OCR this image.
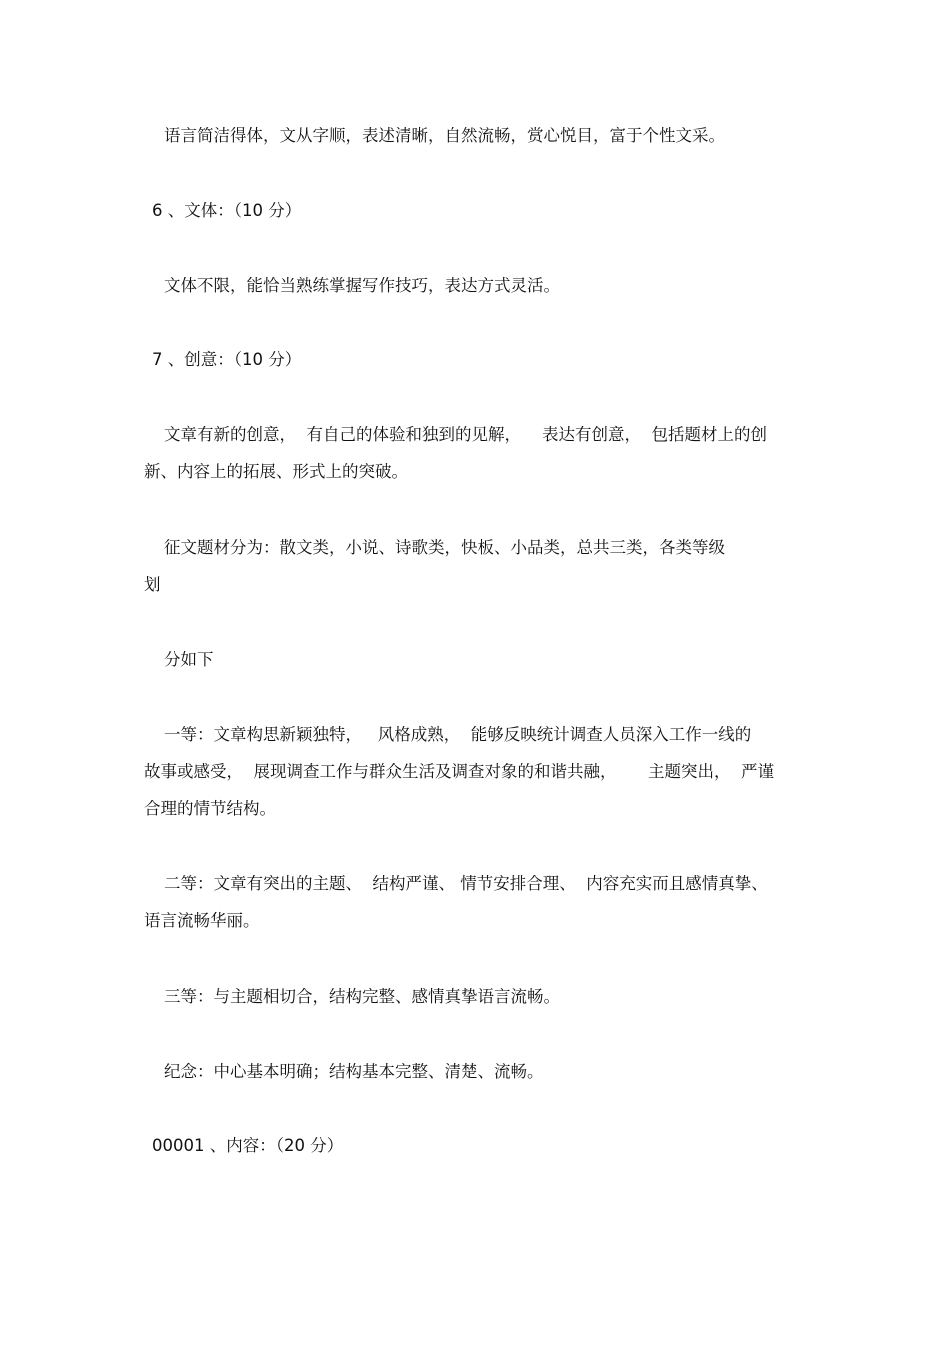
语言简洁得体，文从字顺，表述清晰，自然流畅，赏心悦目，富于个性文采。
6 、文体：（10 分）
文体不限，能恰当熟练掌握写作技巧，表达方式灵活。
7 、创意：（10 分）
文章有新的创意，  有自己的体验和独到的见解，    表达有创意，  包括题材上的创
新、内容上的拓展、形式上的突破。
征文题材分为：散文类，小说、诗歌类，快板、小品类，总共三类，各类等级
划
分如下
一等：文章构思新颖独特，   风格成熟，  能够反映统计调查人员深入工作一线的
故事或感受，  展现调查工作与群众生活及调查对象的和谐共融，      主题突出，  严谨
合理的情节结构。
二等：文章有突出的主题、  结构严谨、 情节安排合理、  内容充实而且感情真挚、
语言流畅华丽。
三等：与主题相切合，结构完整、感情真挚语言流畅。
纪念：中心基本明确；结构基本完整、清楚、流畅。
00001 、内容：（20 分）
